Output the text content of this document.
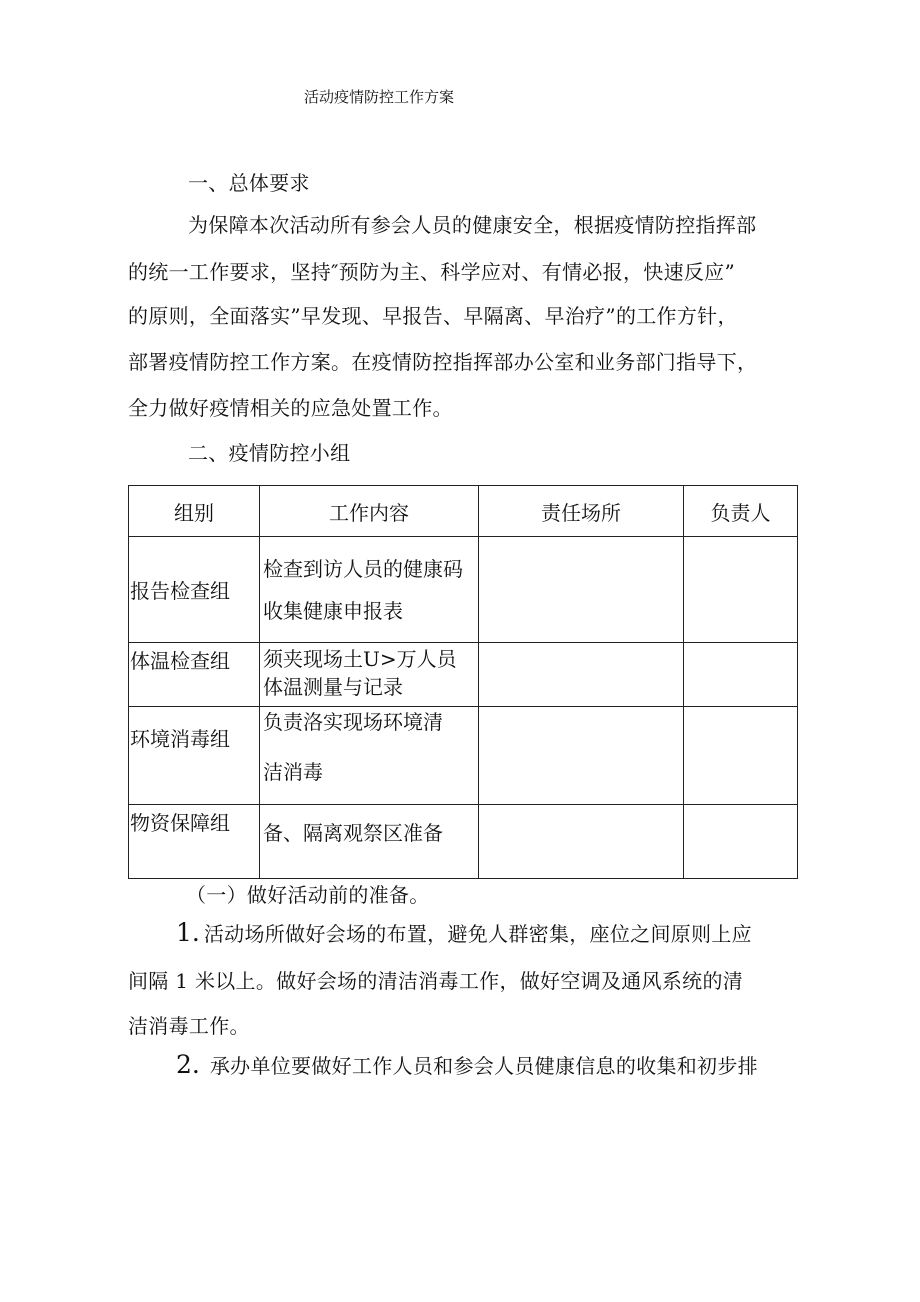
活动疫情防控工作方案
一、总体要求
为保障本次活动所有参会人员的健康安全，根据疫情防控指挥部
的统一工作要求，坚持″预防为主、科学应对、有情必报，快速反应”
的原则，全面落实”早发现、早报告、早隔离、早治疗”的工作方针，
部署疫情防控工作方案。在疫情防控指挥部办公室和业务部门指导下，
全力做好疫情相关的应急处置工作。
二、疫情防控小组
组别	工作内容	责任场所	负责人

报告检查组	检查到访人员的健康码
收集健康申报表		

体温检查组	须夹现场土U>万人员
体温测量与记录		

环境消毒组	负责洛实现场环境清
洁消毒		

物资保障组	备、隔离观祭区准备		

（一）做好活动前的准备。
1. 活动场所做好会场的布置，避免人群密集，座位之间原则上应
间隔 1 米以上。做好会场的清洁消毒工作，做好空调及通风系统的清
洁消毒工作。
2. 承办单位要做好工作人员和参会人员健康信息的收集和初步排
